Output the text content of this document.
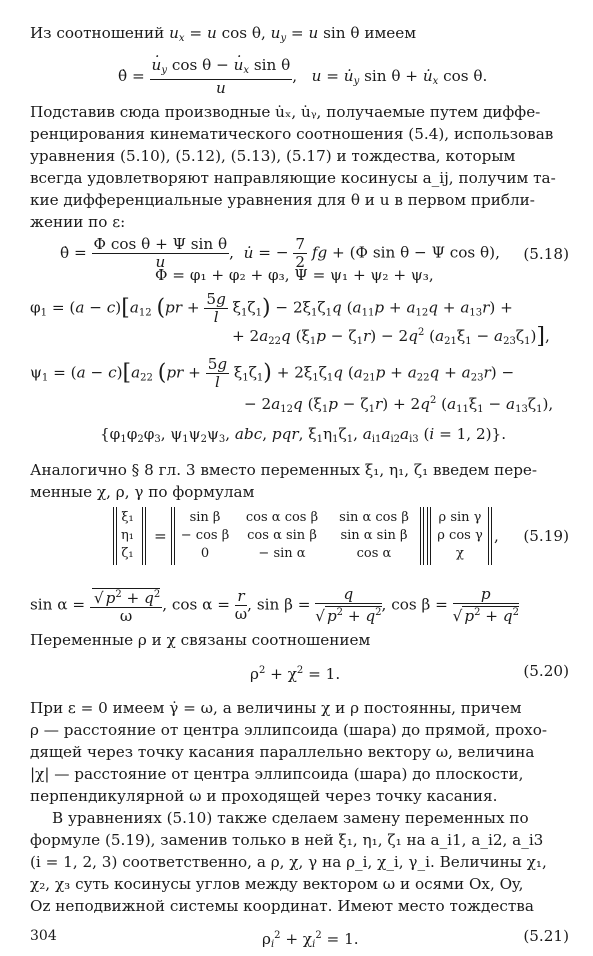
Из соотношений $u_x = u$ cos θ, $u_y = u$ sin θ имеем
. θ = . $\frac{u_y \cos \theta - . u_x \sin \theta}{u}$ ,   u = . $u_y$ sin θ + . $u_x$ cos θ.
Подставив сюда производные u̇ₓ, u̇ᵧ, получаемые путем диффе-
ренцирования кинематического соотношения (5.4), использовав
уравнения (5.10), (5.12), (5.13), (5.17) и тождества, которым
всегда удовлетворяют направляющие косинусы a_ij, получим та-
кие дифференциальные уравнения для θ и u в первом прибли-
жении по ε:
. $\theta = \frac{\text{Φ cos θ + Ψ sin θ}}{u}$ ,  . u = − $\frac{7}{2}$ fg + (Φ sin θ − Ψ cos θ), (5.18)
Φ = φ₁ + φ₂ + φ₃, Ψ = ψ₁ + ψ₂ + ψ₃,
$\varphi_1 = (a - c)[a_{12}$ $(pr + \frac{5g}{l} \xi_1\zeta_1) - 2\xi_1\zeta_1q$ $(a_{11}p + a_{12}q + a_{13}r)$ +
+ $2a_{22}q$ $(\xi_1p - \zeta_1r) - 2q^2$ $(a_{21}\xi_1 - a_{23}\zeta_1)$],
$\psi_1 = (a - c)[a_{22}$ $(pr + \frac{5g}{l} \xi_1\zeta_1) + 2\xi_1\zeta_1q$ $(a_{21}p + a_{22}q + a_{23}r)$ −
− $2a_{12}q$ $(\xi_1p - \zeta_1r) + 2q^2$ $(a_{11}\xi_1 - a_{13}\zeta_1)$,
{$\varphi_1\varphi_2\varphi_3$, $\psi_1\psi_2\psi_3$, abc, pqr, $\xi_1\eta_1\zeta_1$, $a_{i1}a_{i2}a_{i3}$ (i = 1, 2)}.
Аналогично § 8 гл. 3 вместо переменных ξ₁, η₁, ζ₁ введем пере-
менные χ, ρ, γ по формулам
ξ₁
η₁
ζ₁
=
sin β
− cos β
0
cos α cos β
cos α sin β
− sin α
sin α cos β
sin α sin β
cos α
ρ sin γ
ρ cos γ
χ
, (5.19)
$\sin \alpha = \frac{√ p^2 + q^2}{\omega}$ , $\cos \alpha = \frac{r}{\omega}$ , $\sin \beta = \frac{q}{√ p^2 + q^2}$ , $\cos \beta = \frac{p}{√ p^2 + q^2}$
Переменные ρ и χ связаны соотношением
$\rho^2 + \chi^2 = 1$.	(5.20)
При ε = 0 имеем γ̇ = ω, а величины χ и ρ постоянны, причем
ρ — расстояние от центра эллипсоида (шара) до прямой, прохо-
дящей через точку касания параллельно вектору ω, величина
|χ| — расстояние от центра эллипсоида (шара) до плоскости,
перпендикулярной ω и проходящей через точку касания.
В уравнениях (5.10) также сделаем замену переменных по
формуле (5.19), заменив только в ней ξ₁, η₁, ζ₁ на a_i1, a_i2, a_i3
(i = 1, 2, 3) соответственно, а ρ, χ, γ на ρ_i, χ_i, γ_i. Величины χ₁,
χ₂, χ₃ суть косинусы углов между вектором ω и осями Ox, Oy,
Oz неподвижной системы координат. Имеют место тождества
$\rho_i^2 + \chi_i^2 = 1$.	(5.21)
304
